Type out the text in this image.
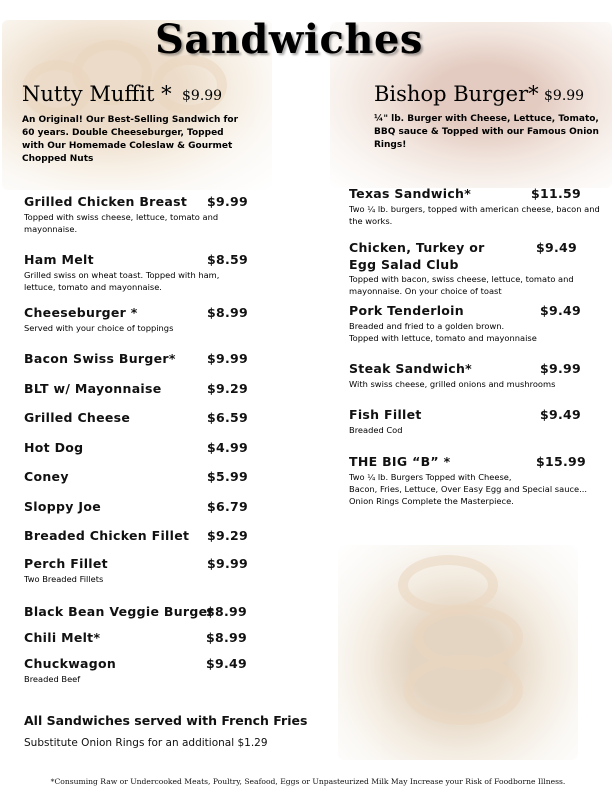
Sandwiches
Nutty Muffit * $9.99
An Original! Our Best-Selling Sandwich for
60 years. Double Cheeseburger, Topped
with Our Homemade Coleslaw & Gourmet
Chopped Nuts
Bishop Burger* $9.99
¼" lb. Burger with Cheese, Lettuce, Tomato,
BBQ sauce & Topped with our Famous Onion
Rings!
Grilled Chicken Breast $9.99
Topped with swiss cheese, lettuce, tomato and
mayonnaise.
Ham Melt	$8.59
Grilled swiss on wheat toast. Topped with ham,
lettuce, tomato and mayonnaise.
Cheeseburger *	$8.99
Served with your choice of toppings
Bacon Swiss Burger*	$9.99
BLT w/ Mayonnaise	$9.29
Grilled Cheese	$6.59
Hot Dog	$4.99
Coney	$5.99
Sloppy Joe	$6.79
Breaded Chicken Fillet $9.29
Perch Fillet	$9.99
Two Breaded Fillets
Black Bean Veggie Burger
$8.99
Chili Melt*	$8.99
Chuckwagon	$9.49
Breaded Beef
Texas Sandwich*	$11.59
Two ¼ lb. burgers, topped with american cheese, bacon and
the works.
Chicken, Turkey or
Egg Salad Club
$9.49
Topped with bacon, swiss cheese, lettuce, tomato and
mayonnaise. On your choice of toast
Pork Tenderloin	$9.49
Breaded and fried to a golden brown.
Topped with lettuce, tomato and mayonnaise
Steak Sandwich*	$9.99
With swiss cheese, grilled onions and mushrooms
Fish Fillet	$9.49
Breaded Cod
THE BIG “B” *	$15.99
Two ¼ lb. Burgers Topped with Cheese,
Bacon, Fries, Lettuce, Over Easy Egg and Special sauce...
Onion Rings Complete the Masterpiece.
All Sandwiches served with French Fries
Substitute Onion Rings for an additional $1.29
*Consuming Raw or Undercooked Meats, Poultry, Seafood, Eggs or Unpasteurized Milk May Increase your Risk of Foodborne Illness.
